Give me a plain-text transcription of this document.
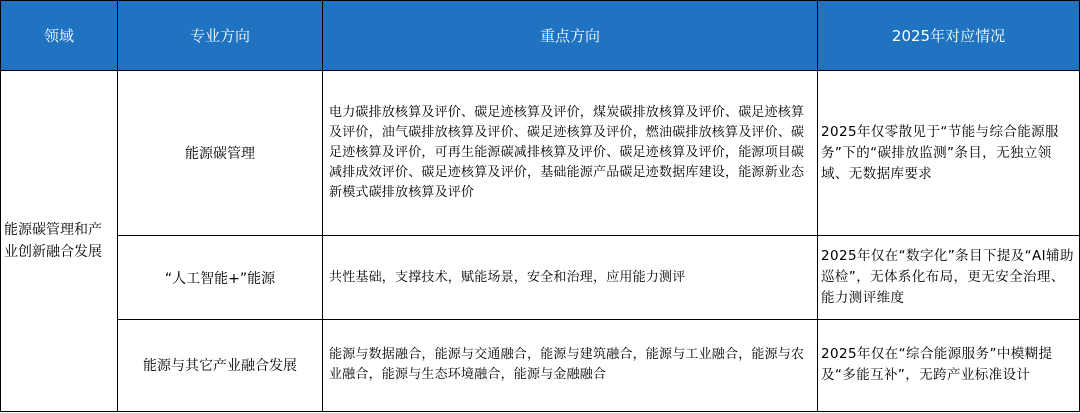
领域	专业方向	重点方向	2025年对应情况
能源碳管理和产业创新融合发展	能源碳管理	电力碳排放核算及评价、碳足迹核算及评价，煤炭碳排放核算及评价、碳足迹核算及评价，油气碳排放核算及评价、碳足迹核算及评价，燃油碳排放核算及评价、碳足迹核算及评价，可再生能源碳减排核算及评价、碳足迹核算及评价，能源项目碳减排成效评价、碳足迹核算及评价，基础能源产品碳足迹数据库建设，能源新业态新模式碳排放核算及评价	2025年仅零散见于“节能与综合能源服务”下的“碳排放监测”条目，无独立领域、无数据库要求
	“人工智能+”能源	共性基础，支撑技术，赋能场景，安全和治理，应用能力测评	2025年仅在“数字化”条目下提及“AI辅助巡检”，无体系化布局，更无安全治理、能力测评维度
	能源与其它产业融合发展	能源与数据融合，能源与交通融合，能源与建筑融合，能源与工业融合，能源与农业融合，能源与生态环境融合，能源与金融融合	2025年仅在“综合能源服务”中模糊提及“多能互补”，无跨产业标准设计
